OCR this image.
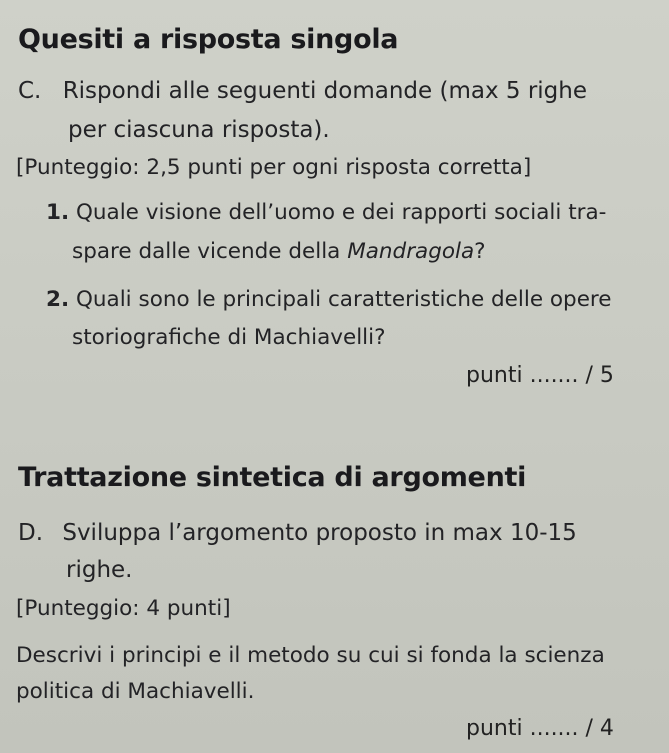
Quesiti a risposta singola
C. Rispondi alle seguenti domande (max 5 righe
per ciascuna risposta).
[Punteggio: 2,5 punti per ogni risposta corretta]
1. Quale visione dell’uomo e dei rapporti sociali tra-
spare dalle vicende della Mandragola?
2. Quali sono le principali caratteristiche delle opere
storiografiche di Machiavelli?
punti ....... / 5
Trattazione sintetica di argomenti
D. Sviluppa l’argomento proposto in max 10-15
righe.
[Punteggio: 4 punti]
Descrivi i principi e il metodo su cui si fonda la scienza
politica di Machiavelli.
punti ....... / 4
